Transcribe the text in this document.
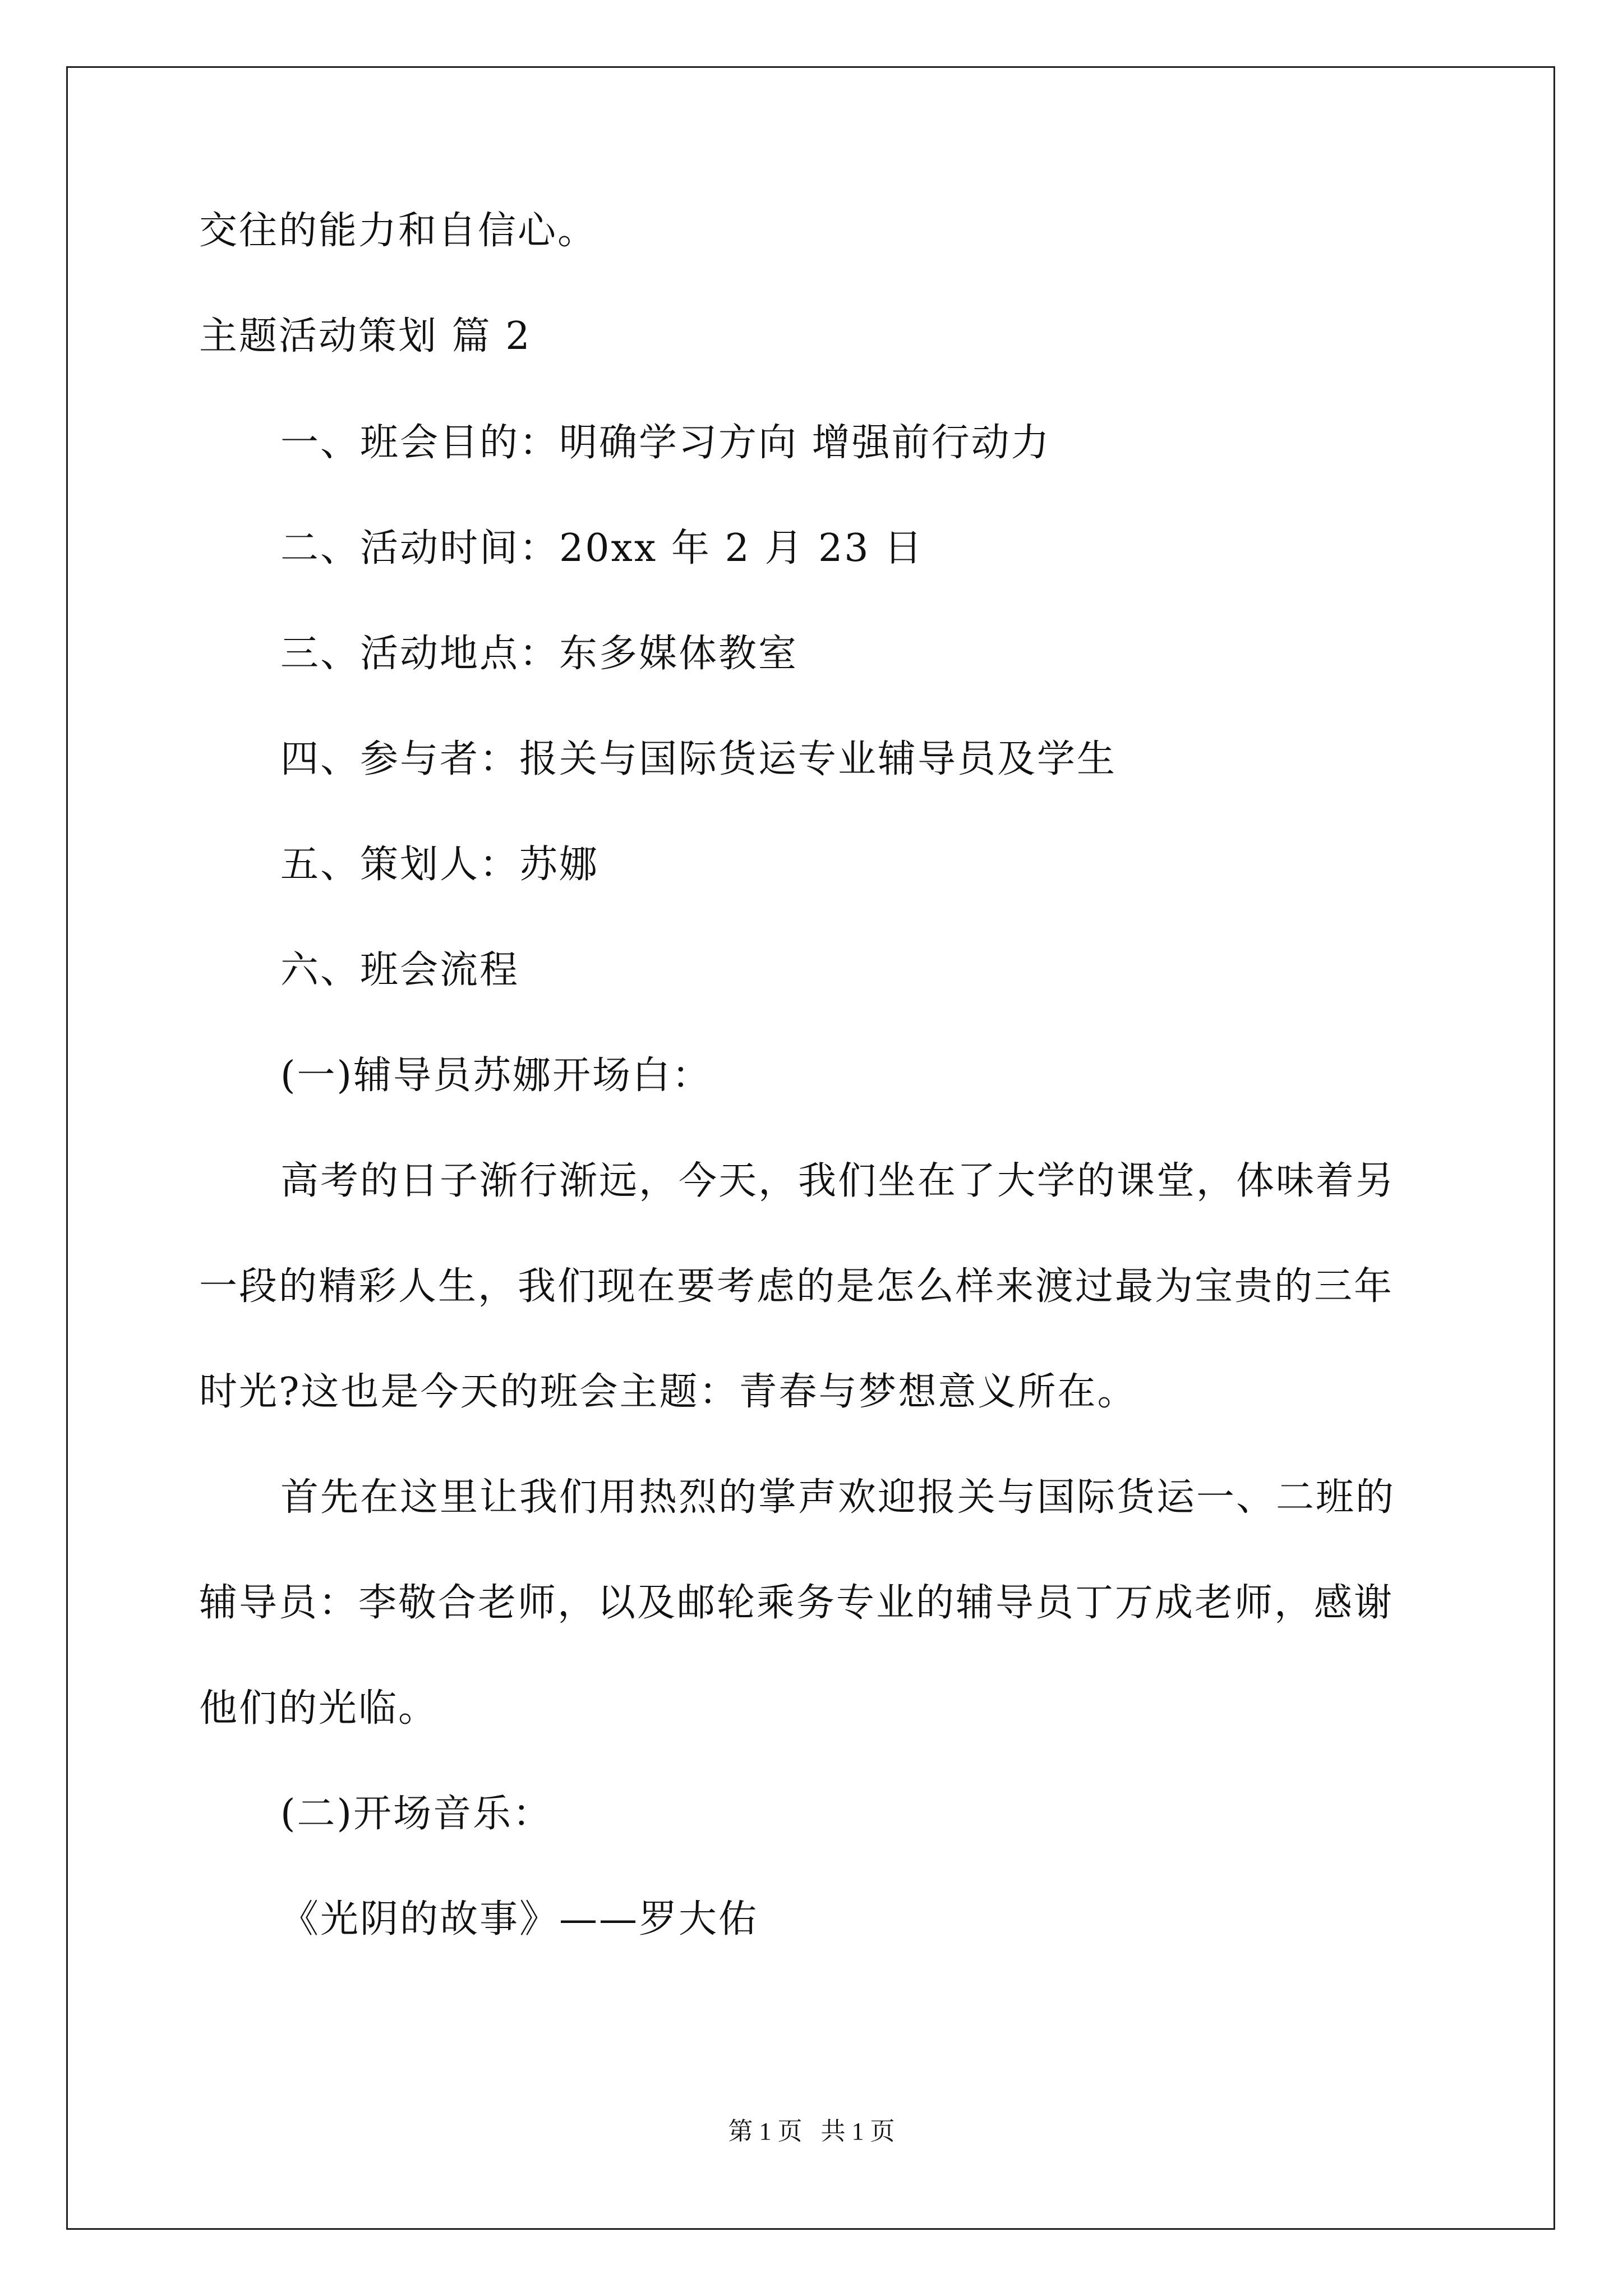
交往的能力和自信心。
主题活动策划 篇 2
一、班会目的：明确学习方向 增强前行动力
二、活动时间：20xx 年 2 月 23 日
三、活动地点：东多媒体教室
四、参与者：报关与国际货运专业辅导员及学生
五、策划人：苏娜
六、班会流程
(一)辅导员苏娜开场白：
高考的日子渐行渐远，今天，我们坐在了大学的课堂，体味着另
一段的精彩人生，我们现在要考虑的是怎么样来渡过最为宝贵的三年
时光?这也是今天的班会主题：青春与梦想意义所在。
首先在这里让我们用热烈的掌声欢迎报关与国际货运一、二班的
辅导员：李敬合老师，以及邮轮乘务专业的辅导员丁万成老师，感谢
他们的光临。
(二)开场音乐：
《光阴的故事》——罗大佑
第 1 页   共 1 页
